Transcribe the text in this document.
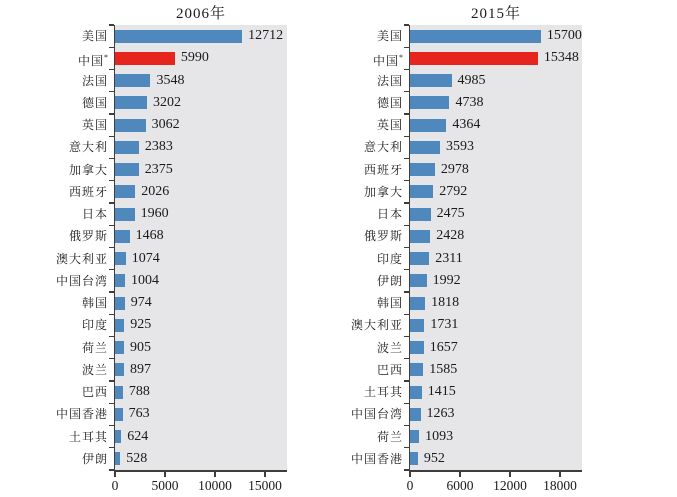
2006年
美国	12712
中国*	5990
法国	3548
德国	3202
英国	3062
意大利	2383
加拿大	2375
西班牙 2026
日本 1960
俄罗斯 1468
澳大利亚 1074
中国台湾 1004
韩国 974
印度 925
荷兰 905
波兰 897
巴西 788
中国香港 763
土耳其 624
伊朗 528
0	5000	10000	15000
2015年
美国	15700
中国*	15348
法国	4985
德国	4738
英国	4364
意大利	3593
西班牙	2978
加拿大	2792
日本 2475
俄罗斯 2428
印度 2311
伊朗 1992
韩国 1818
澳大利亚 1731
波兰 1657
巴西 1585
土耳其 1415
中国台湾 1263
荷兰 1093
中国香港 952
0	6000	12000	18000
